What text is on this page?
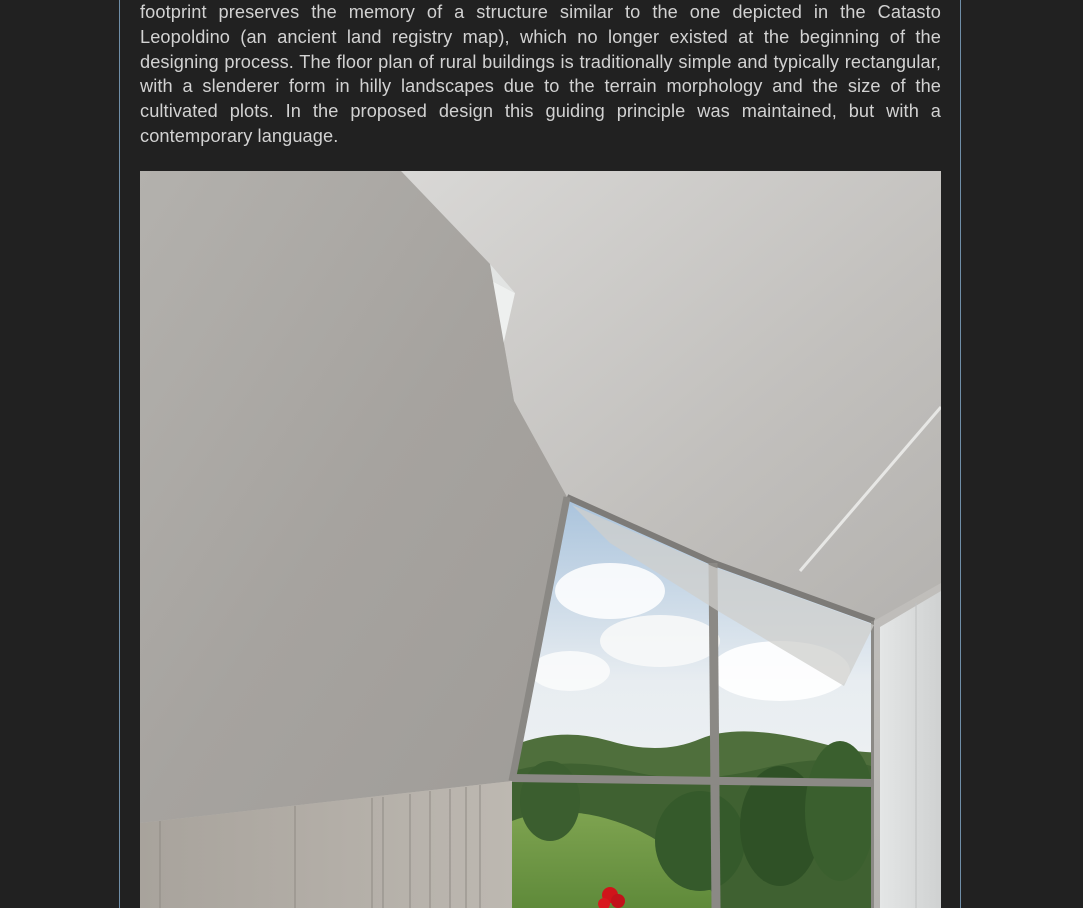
footprint preserves the memory of a structure similar to the one depicted in the Catasto Leopoldino (an ancient land registry map), which no longer existed at the beginning of the designing process. The floor plan of rural buildings is traditionally simple and typically rectangular, with a slenderer form in hilly landscapes due to the terrain morphology and the size of the cultivated plots. In the proposed design this guiding principle was maintained, but with a contemporary language.
